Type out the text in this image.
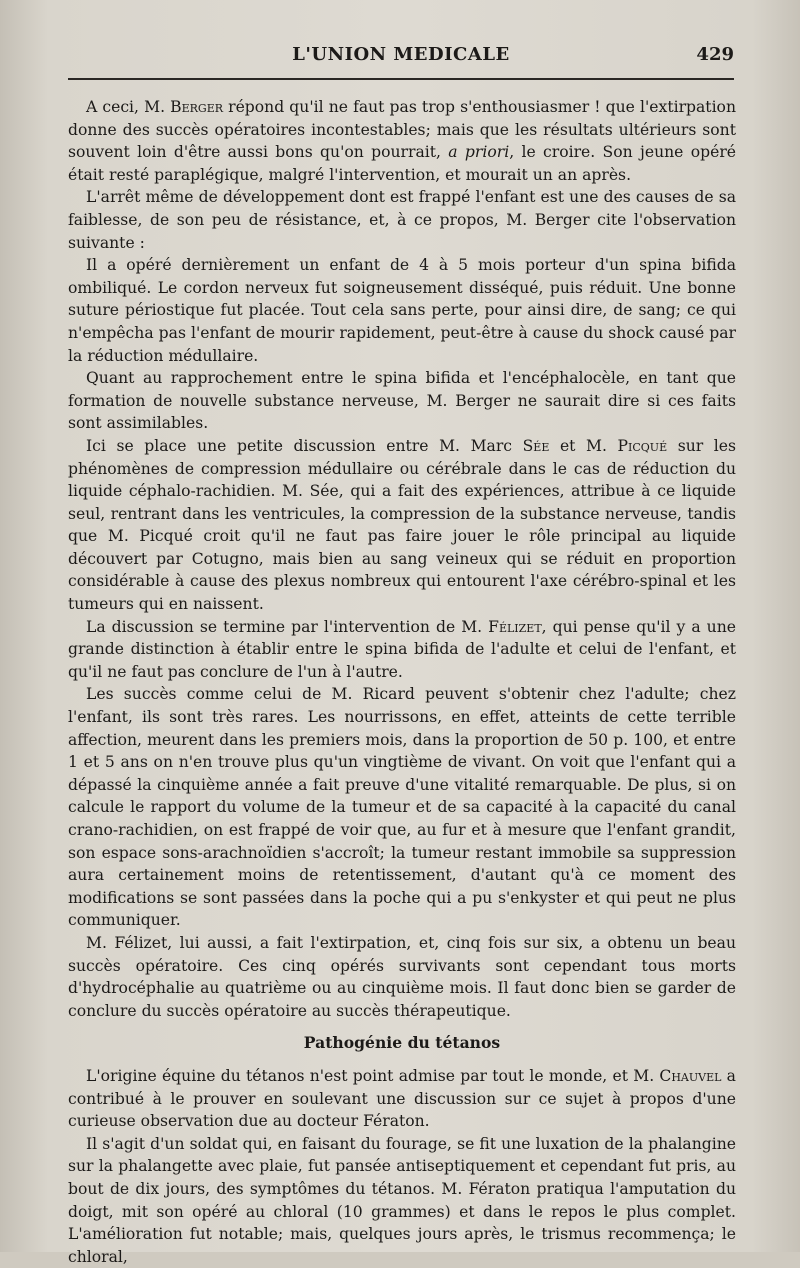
L'UNION MEDICALE	429

A ceci, M. Berger répond qu'il ne faut pas trop s'enthousiasmer ! que l'extirpation donne des succès opératoires incontestables; mais que les résultats ultérieurs sont souvent loin d'être aussi bons qu'on pourrait, a priori, le croire. Son jeune opéré était resté paraplégique, malgré l'intervention, et mourait un an après.

L'arrêt même de développement dont est frappé l'enfant est une des causes de sa faiblesse, de son peu de résistance, et, à ce propos, M. Berger cite l'observation suivante :

Il a opéré dernièrement un enfant de 4 à 5 mois porteur d'un spina bifida ombiliqué. Le cordon nerveux fut soigneusement disséqué, puis réduit. Une bonne suture périostique fut placée. Tout cela sans perte, pour ainsi dire, de sang; ce qui n'empêcha pas l'enfant de mourir rapidement, peut-être à cause du shock causé par la réduction médullaire.

Quant au rapprochement entre le spina bifida et l'encéphalocèle, en tant que formation de nouvelle substance nerveuse, M. Berger ne saurait dire si ces faits sont assimilables.

Ici se place une petite discussion entre M. Marc Sée et M. Picqué sur les phénomènes de compression médullaire ou cérébrale dans le cas de réduction du liquide céphalo-rachidien. M. Sée, qui a fait des expériences, attribue à ce liquide seul, rentrant dans les ventricules, la compression de la substance nerveuse, tandis que M. Picqué croit qu'il ne faut pas faire jouer le rôle principal au liquide découvert par Cotugno, mais bien au sang veineux qui se réduit en proportion considérable à cause des plexus nombreux qui entourent l'axe cérébro-spinal et les tumeurs qui en naissent.

La discussion se termine par l'intervention de M. Félizet, qui pense qu'il y a une grande distinction à établir entre le spina bifida de l'adulte et celui de l'enfant, et qu'il ne faut pas conclure de l'un à l'autre.

Les succès comme celui de M. Ricard peuvent s'obtenir chez l'adulte; chez l'enfant, ils sont très rares. Les nourrissons, en effet, atteints de cette terrible affection, meurent dans les premiers mois, dans la proportion de 50 p. 100, et entre 1 et 5 ans on n'en trouve plus qu'un vingtième de vivant. On voit que l'enfant qui a dépassé la cinquième année a fait preuve d'une vitalité remarquable. De plus, si on calcule le rapport du volume de la tumeur et de sa capacité à la capacité du canal crano-rachidien, on est frappé de voir que, au fur et à mesure que l'enfant grandit, son espace sons-arachnoïdien s'accroît; la tumeur restant immobile sa suppression aura certainement moins de retentissement, d'autant qu'à ce moment des modifications se sont passées dans la poche qui a pu s'enkyster et qui peut ne plus communiquer.

M. Félizet, lui aussi, a fait l'extirpation, et, cinq fois sur six, a obtenu un beau succès opératoire. Ces cinq opérés survivants sont cependant tous morts d'hydrocéphalie au quatrième ou au cinquième mois. Il faut donc bien se garder de conclure du succès opératoire au succès thérapeutique.

Pathogénie du tétanos

L'origine équine du tétanos n'est point admise par tout le monde, et M. Chauvel a contribué à le prouver en soulevant une discussion sur ce sujet à propos d'une curieuse observation due au docteur Fératon.

Il s'agit d'un soldat qui, en faisant du fourage, se fit une luxation de la phalangine sur la phalangette avec plaie, fut pansée antiseptiquement et cependant fut pris, au bout de dix jours, des symptômes du tétanos. M. Fératon pratiqua l'amputation du doigt, mit son opéré au chloral (10 grammes) et dans le repos le plus complet. L'amélioration fut notable; mais, quelques jours après, le trismus recommença; le chloral,
